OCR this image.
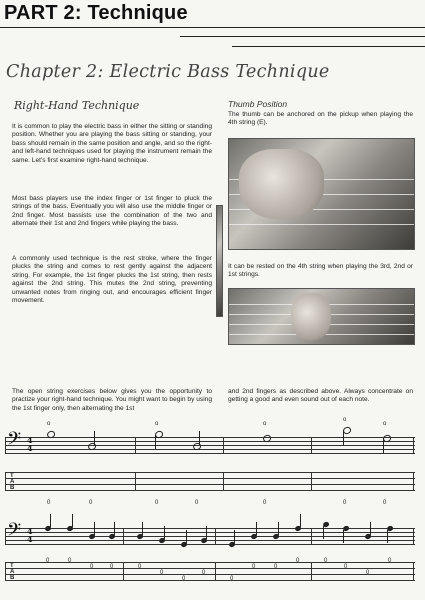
PART 2: Technique
Chapter 2: Electric Bass Technique
Right-Hand Technique
It is common to play the electric bass in either the sitting or standing position. Whether you are playing the bass sitting or standing, your bass should remain in the same position and angle, and so the right- and left-hand techniques used for playing the instrument remain the same. Let's first examine right-hand technique.
Most bass players use the index finger or 1st finger to pluck the strings of the bass. Eventually you will also use the middle finger or 2nd finger. Most bassists use the combination of the two and alternate their 1st and 2nd fingers while playing the bass.
A commonly used technique is the rest stroke, where the finger plucks the string and comes to rest gently against the adjacent string. For example, the 1st finger plucks the 1st string, then rests against the 2nd string. This mutes the 2nd string, preventing unwanted notes from ringing out, and encourages efficient finger movement.
Thumb Position
The thumb can be anchored on the pickup when playing the 4th string (E).
It can be rested on the 4th string when playing the 3rd, 2nd or 1st strings.
The open string exercises below gives you the opportunity to practize your right-hand technique. You might want to begin by using the 1st finger only, then alternating the 1st
and 2nd fingers as described above. Always concentrate on getting a good and even sound out of each note.
𝄢 4
4
o	o	o
o
o
T
A
B
0	0	0	0	0	0	0
𝄢 4
4
T
A
B
0	0
0	0	0
0
0
0
0
0	0
0	0
0
0
0
